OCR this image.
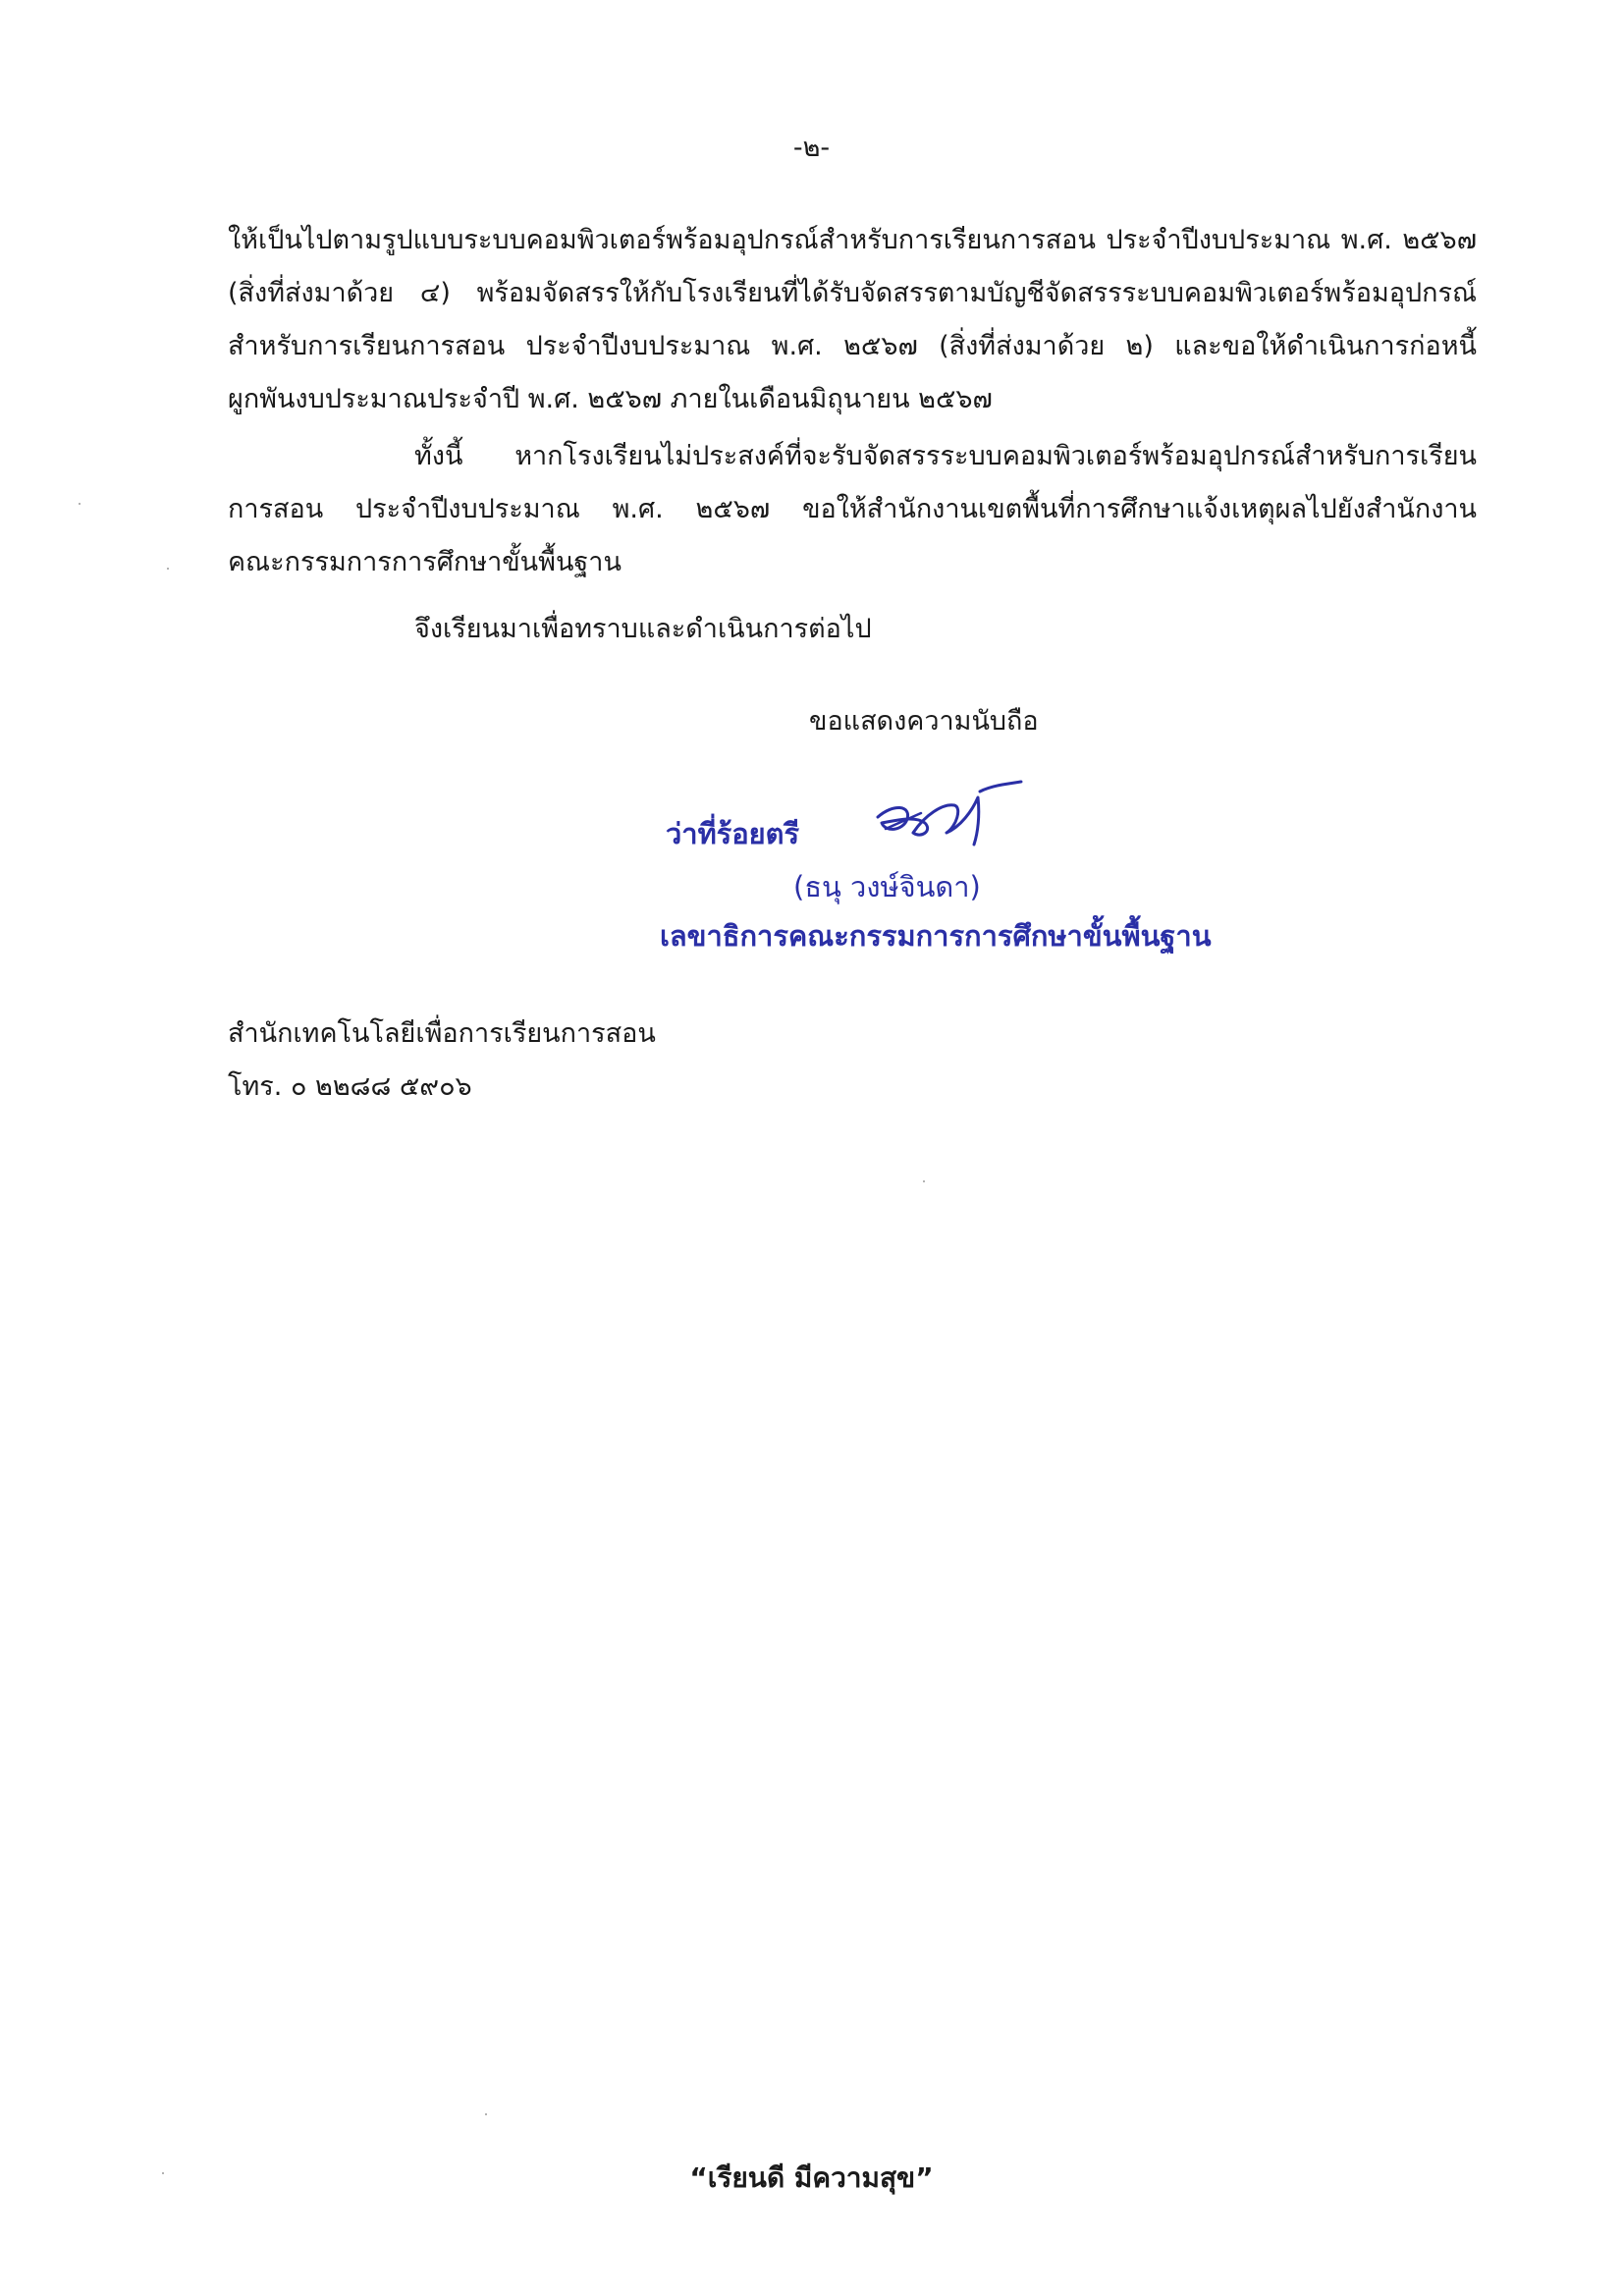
-๒-
ให้เป็นไปตามรูปแบบระบบคอมพิวเตอร์พร้อมอุปกรณ์สำหรับการเรียนการสอน ประจำปีงบประมาณ พ.ศ. ๒๕๖๗
(สิ่งที่ส่งมาด้วย ๔) พร้อมจัดสรรให้กับโรงเรียนที่ได้รับจัดสรรตามบัญชีจัดสรรระบบคอมพิวเตอร์พร้อมอุปกรณ์
สำหรับการเรียนการสอน ประจำปีงบประมาณ พ.ศ. ๒๕๖๗ (สิ่งที่ส่งมาด้วย ๒) และขอให้ดำเนินการก่อหนี้
ผูกพันงบประมาณประจำปี พ.ศ. ๒๕๖๗ ภายในเดือนมิถุนายน ๒๕๖๗
ทั้งนี้ หากโรงเรียนไม่ประสงค์ที่จะรับจัดสรรระบบคอมพิวเตอร์พร้อมอุปกรณ์สำหรับการเรียน
การสอน ประจำปีงบประมาณ พ.ศ. ๒๕๖๗ ขอให้สำนักงานเขตพื้นที่การศึกษาแจ้งเหตุผลไปยังสำนักงาน
คณะกรรมการการศึกษาขั้นพื้นฐาน
จึงเรียนมาเพื่อทราบและดำเนินการต่อไป
ขอแสดงความนับถือ
ว่าที่ร้อยตรี
(ธนุ วงษ์จินดา)
เลขาธิการคณะกรรมการการศึกษาขั้นพื้นฐาน
สำนักเทคโนโลยีเพื่อการเรียนการสอน
โทร. ๐ ๒๒๘๘ ๕๙๐๖
“เรียนดี มีความสุข”
